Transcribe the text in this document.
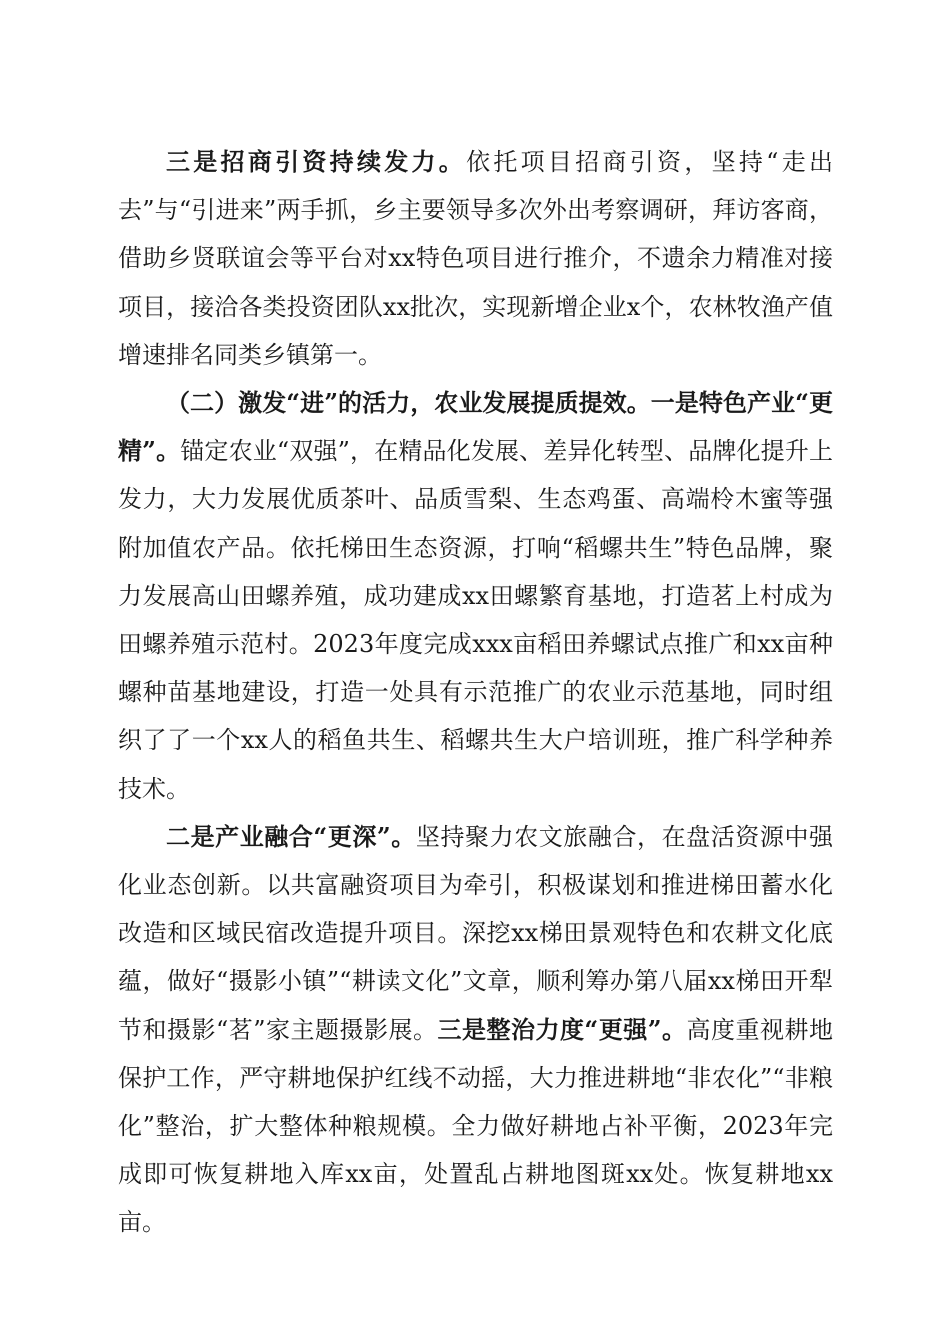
三是招商引资持续发力。依托项目招商引资，坚持“走出去”与“引进来”两手抓，乡主要领导多次外出考察调研，拜访客商，借助乡贤联谊会等平台对xx特色项目进行推介，不遗余力精准对接项目，接洽各类投资团队xx批次，实现新增企业x个，农林牧渔产值增速排名同类乡镇第一。

（二）激发“进”的活力，农业发展提质提效。一是特色产业“更精”。锚定农业“双强”，在精品化发展、差异化转型、品牌化提升上发力，大力发展优质茶叶、品质雪梨、生态鸡蛋、高端柃木蜜等强附加值农产品。依托梯田生态资源，打响“稻螺共生”特色品牌，聚力发展高山田螺养殖，成功建成xx田螺繁育基地，打造茗上村成为田螺养殖示范村。2023年度完成xxx亩稻田养螺试点推广和xx亩种螺种苗基地建设，打造一处具有示范推广的农业示范基地，同时组织了了一个xx人的稻鱼共生、稻螺共生大户培训班，推广科学种养技术。

二是产业融合“更深”。坚持聚力农文旅融合，在盘活资源中强化业态创新。以共富融资项目为牵引，积极谋划和推进梯田蓄水化改造和区域民宿改造提升项目。深挖xx梯田景观特色和农耕文化底蕴，做好“摄影小镇”“耕读文化”文章，顺利筹办第八届xx梯田开犁节和摄影“茗”家主题摄影展。三是整治力度“更强”。高度重视耕地保护工作，严守耕地保护红线不动摇，大力推进耕地“非农化”“非粮化”整治，扩大整体种粮规模。全力做好耕地占补平衡，2023年完成即可恢复耕地入库xx亩，处置乱占耕地图斑xx处。恢复耕地xx亩。
